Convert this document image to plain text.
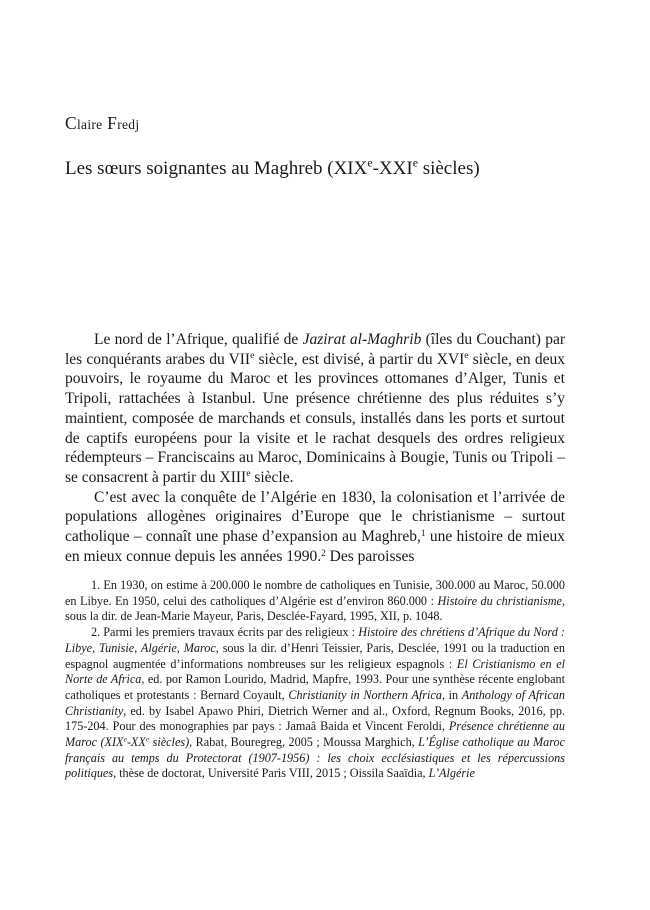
Claire Fredj
Les sœurs soignantes au Maghreb (XIXe-XXIe siècles)

Le nord de l’Afrique, qualifié de Jazirat al-Maghrib (îles du Couchant) par les conquérants arabes du VIIe siècle, est divisé, à partir du XVIe siècle, en deux pouvoirs, le royaume du Maroc et les provinces ottomanes d’Alger, Tunis et Tripoli, rattachées à Istanbul. Une présence chrétienne des plus réduites s’y maintient, composée de marchands et consuls, installés dans les ports et surtout de captifs européens pour la visite et le rachat desquels des ordres religieux rédempteurs – Franciscains au Maroc, Dominicains à Bougie, Tunis ou Tripoli – se consacrent à partir du XIIIe siècle.

C’est avec la conquête de l’Algérie en 1830, la colonisation et l’arrivée de populations allogènes originaires d’Europe que le christianisme – surtout catholique – connaît une phase d’expansion au Maghreb,$^1$ une histoire de mieux en mieux connue depuis les années 1990.$^2$ Des paroisses

1. En 1930, on estime à 200.000 le nombre de catholiques en Tunisie, 300.000 au Maroc, 50.000 en Libye. En 1950, celui des catholiques d’Algérie est d’environ 860.000 : Histoire du christianisme, sous la dir. de Jean-Marie Mayeur, Paris, Desclée-Fayard, 1995, XII, p. 1048.

2. Parmi les premiers travaux écrits par des religieux : Histoire des chrétiens d’Afrique du Nord : Libye, Tunisie, Algérie, Maroc, sous la dir. d’Henri Teissier, Paris, Desclée, 1991 ou la traduction en espagnol augmentée d’informations nombreuses sur les religieux espagnols : El Cristianismo en el Norte de Africa, ed. por Ramon Lourido, Madrid, Mapfre, 1993. Pour une synthèse récente englobant catholiques et protestants : Bernard Coyault, Christianity in Northern Africa, in Anthology of African Christianity, ed. by Isabel Apawo Phiri, Dietrich Werner and al., Oxford, Regnum Books, 2016, pp. 175-204. Pour des monographies par pays : Jamaâ Baida et Vincent Feroldi, Présence chrétienne au Maroc (XIXe-XXe siècles), Rabat, Bouregreg, 2005 ; Moussa Marghich, L’Église catholique au Maroc français au temps du Protectorat (1907-1956) : les choix ecclésiastiques et les répercussions politiques, thèse de doctorat, Université Paris VIII, 2015 ; Oissila Saaïdia, L’Algérie
